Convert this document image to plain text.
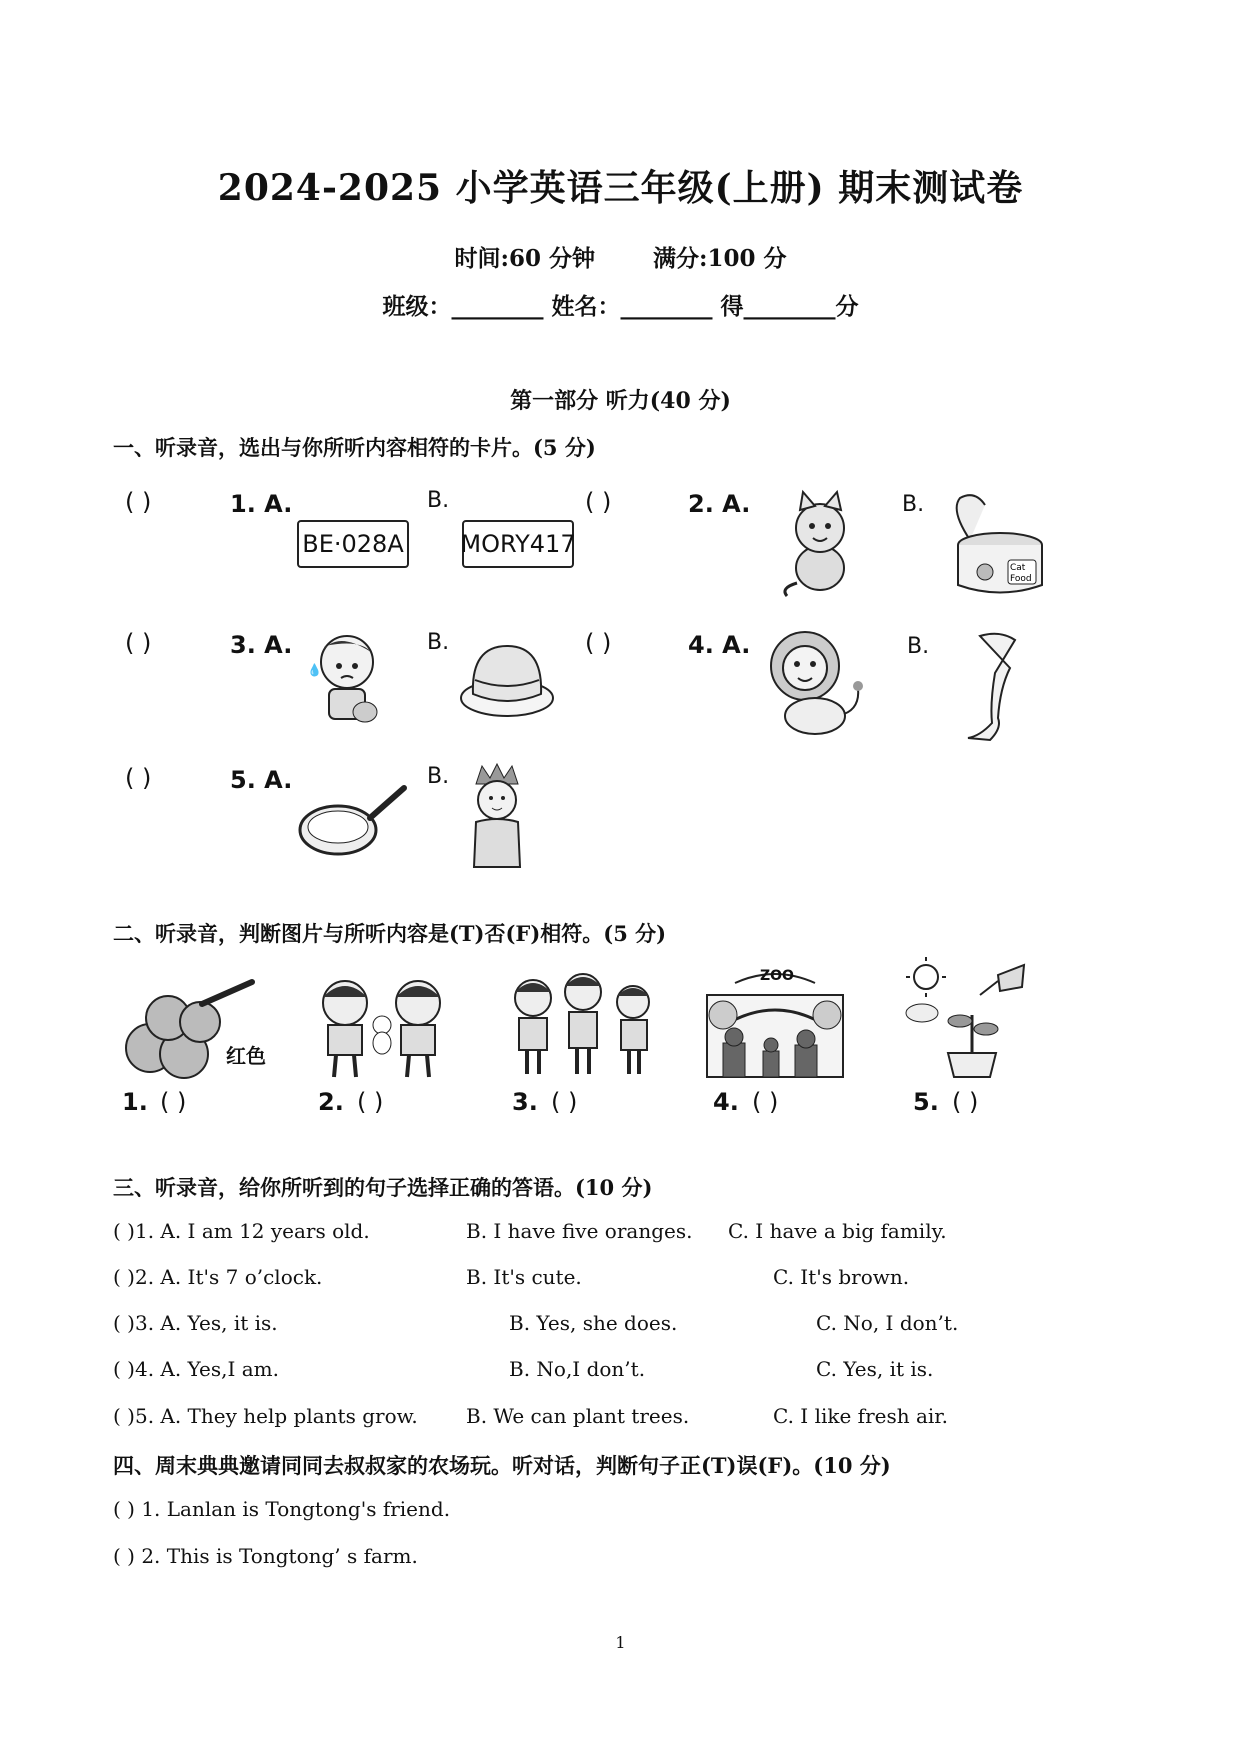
2024-2025 小学英语三年级(上册) 期末测试卷
时间:60 分钟	满分:100 分
班级：________ 姓名：________ 得________分
第一部分 听力(40 分)
一、听录音，选出与你所听内容相符的卡片。(5 分)
( )	1. A.
BE·028A
B.
MORY417
( )	2. A.	B.
Cat
Food
( )	3. A.
💧
B.	( )	4. A.	B.
( )	5. A.	B.
二、听录音，判断图片与所听内容是(T)否(F)相符。(5 分)
红色
ZOO
1. ( )	2. ( )	3. ( )	4. ( )	5. ( )
三、听录音，给你所听到的句子选择正确的答语。(10 分)
( )1. A. I am 12 years old.	B. I have five oranges. C. I have a big family.
( )2. A. It's 7 o’clock.	B. It's cute.	C. It's brown.
( )3. A. Yes, it is.	B. Yes, she does.	C. No, I don’t.
( )4. A. Yes,I am.	B. No,I don’t.	C. Yes, it is.
( )5. A. They help plants grow. B. We can plant trees.	C. I like fresh air.
四、周末典典邀请同同去叔叔家的农场玩。听对话，判断句子正(T)误(F)。(10 分)
( ) 1. Lanlan is Tongtong's friend.
( ) 2. This is Tongtong’ s farm.
1
